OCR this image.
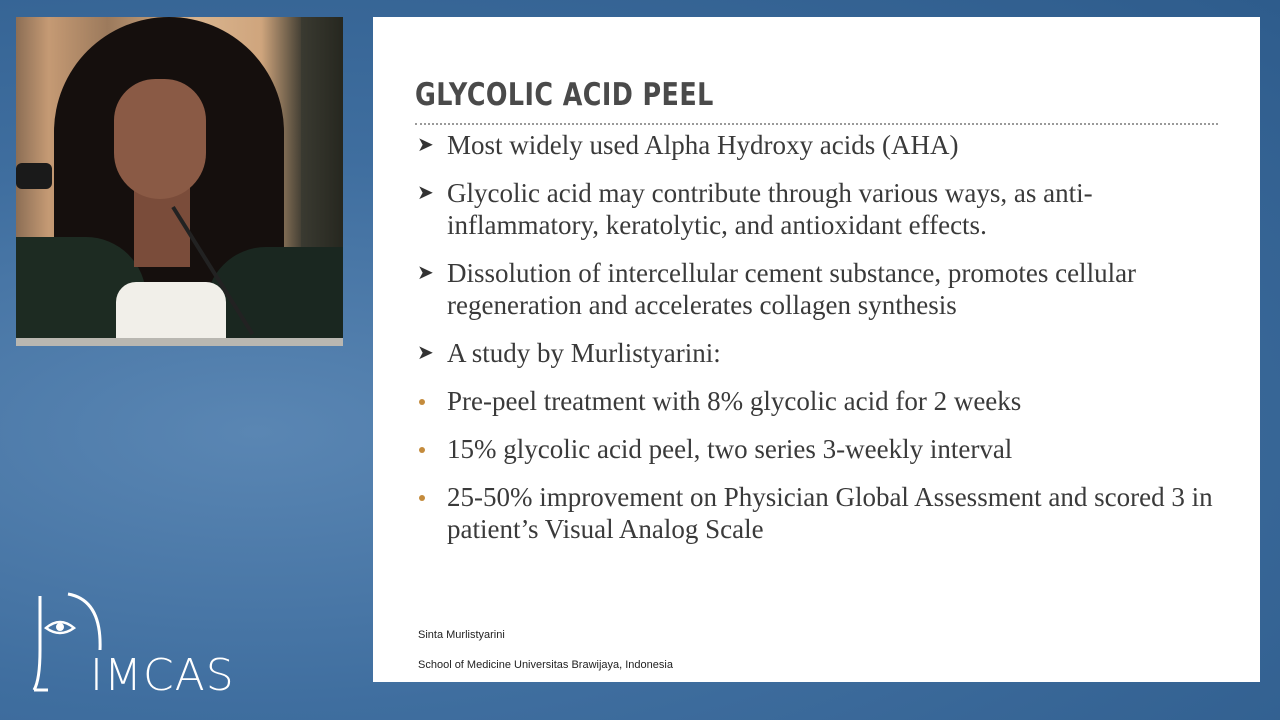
GLYCOLIC ACID PEEL
➤ Most widely used Alpha Hydroxy acids (AHA)
➤ Glycolic acid may contribute through various ways, as anti-inflammatory, keratolytic, and antioxidant effects.
➤ Dissolution of intercellular cement substance, promotes cellular regeneration and accelerates collagen synthesis
➤ A study by Murlistyarini:
Pre-peel treatment with 8% glycolic acid for 2 weeks
15% glycolic acid peel, two series 3-weekly interval
25-50% improvement on Physician Global Assessment and scored 3 in patient’s Visual Analog Scale
Sinta Murlistyarini
School of Medicine Universitas Brawijaya, Indonesia
IMCAS
